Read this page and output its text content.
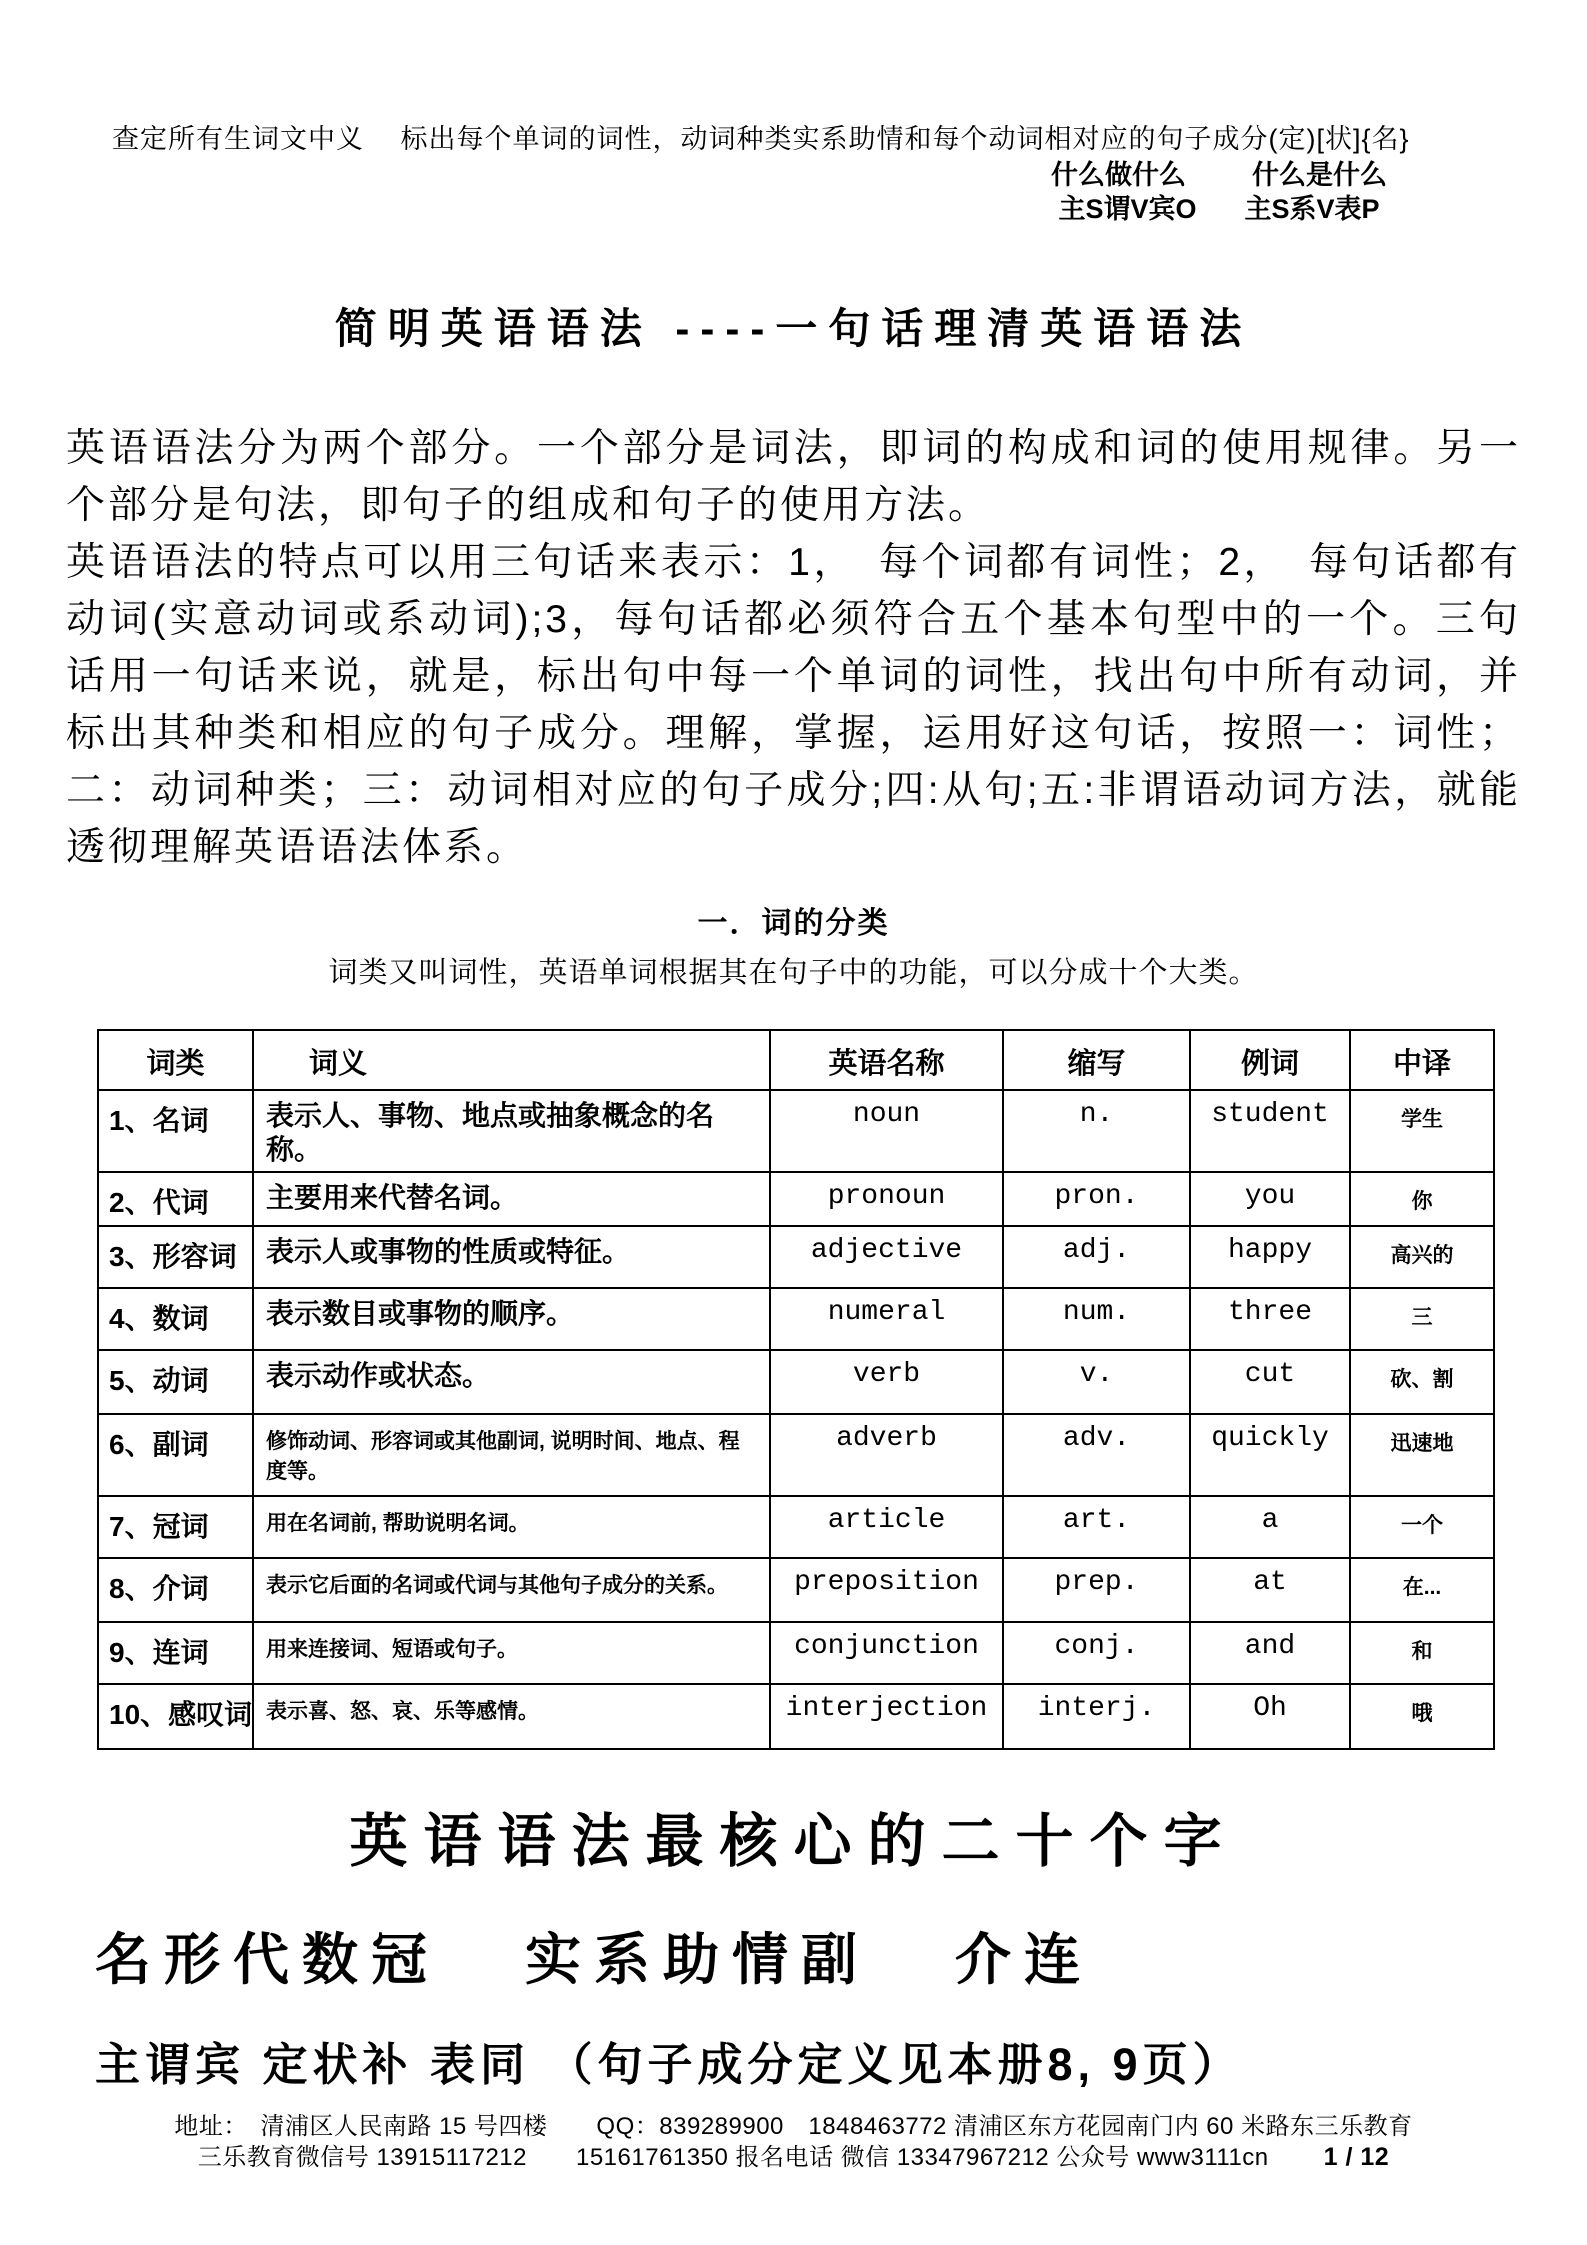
查定所有生词文中义　 标出每个单词的词性，动词种类实系助情和每个动词相对应的句子成分(定)[状]{名}
什么做什么 什么是什么
主S谓V宾O 主S系V表P
简明英语语法 ----一句话理清英语语法

英语语法分为两个部分。一个部分是词法，即词的构成和词的使用规律。另一个部分是句法，即句子的组成和句子的使用方法。

英语语法的特点可以用三句话来表示：1，　每个词都有词性；2，　每句话都有动词(实意动词或系动词);3，每句话都必须符合五个基本句型中的一个。三句话用一句话来说，就是，标出句中每一个单词的词性，找出句中所有动词，并标出其种类和相应的句子成分。理解，掌握，运用好这句话，按照一：词性；二：动词种类；三：动词相对应的句子成分;四:从句;五:非谓语动词方法，就能透彻理解英语语法体系。

一．词的分类
词类又叫词性，英语单词根据其在句子中的功能，可以分成十个大类。
词类	词义	英语名称	缩写	例词	中译
1、名词	表示人、事物、地点或抽象概念的名称。	noun	n.	student	学生
2、代词	主要用来代替名词。	pronoun	pron.	you	你
3、形容词	表示人或事物的性质或特征。	adjective	adj.	happy	高兴的
4、数词	表示数目或事物的顺序。	numeral	num.	three	三
5、动词	表示动作或状态。	verb	v.	cut	砍、割
6、副词	修饰动词、形容词或其他副词, 说明时间、地点、程度等。	adverb	adv.	quickly	迅速地
7、冠词	用在名词前, 帮助说明名词。	article	art.	a	一个
8、介词	表示它后面的名词或代词与其他句子成分的关系。	preposition	prep.	at	在...
9、连词	用来连接词、短语或句子。	conjunction	conj.	and	和
10、感叹词	表示喜、怒、哀、乐等感情。	interjection	interj.	Oh	哦
英语语法最核心的二十个字
名形代数冠 实系助情副 介连
主谓宾 定状补 表同 （句子成分定义见本册8, 9页）
地址：　清浦区人民南路 15 号四楼　　QQ：839289900　1848463772 清浦区东方花园南门内 60 米路东三乐教育
三乐教育微信号 13915117212　　15161761350 报名电话 微信 13347967212 公众号 www3111cn 1 / 12
